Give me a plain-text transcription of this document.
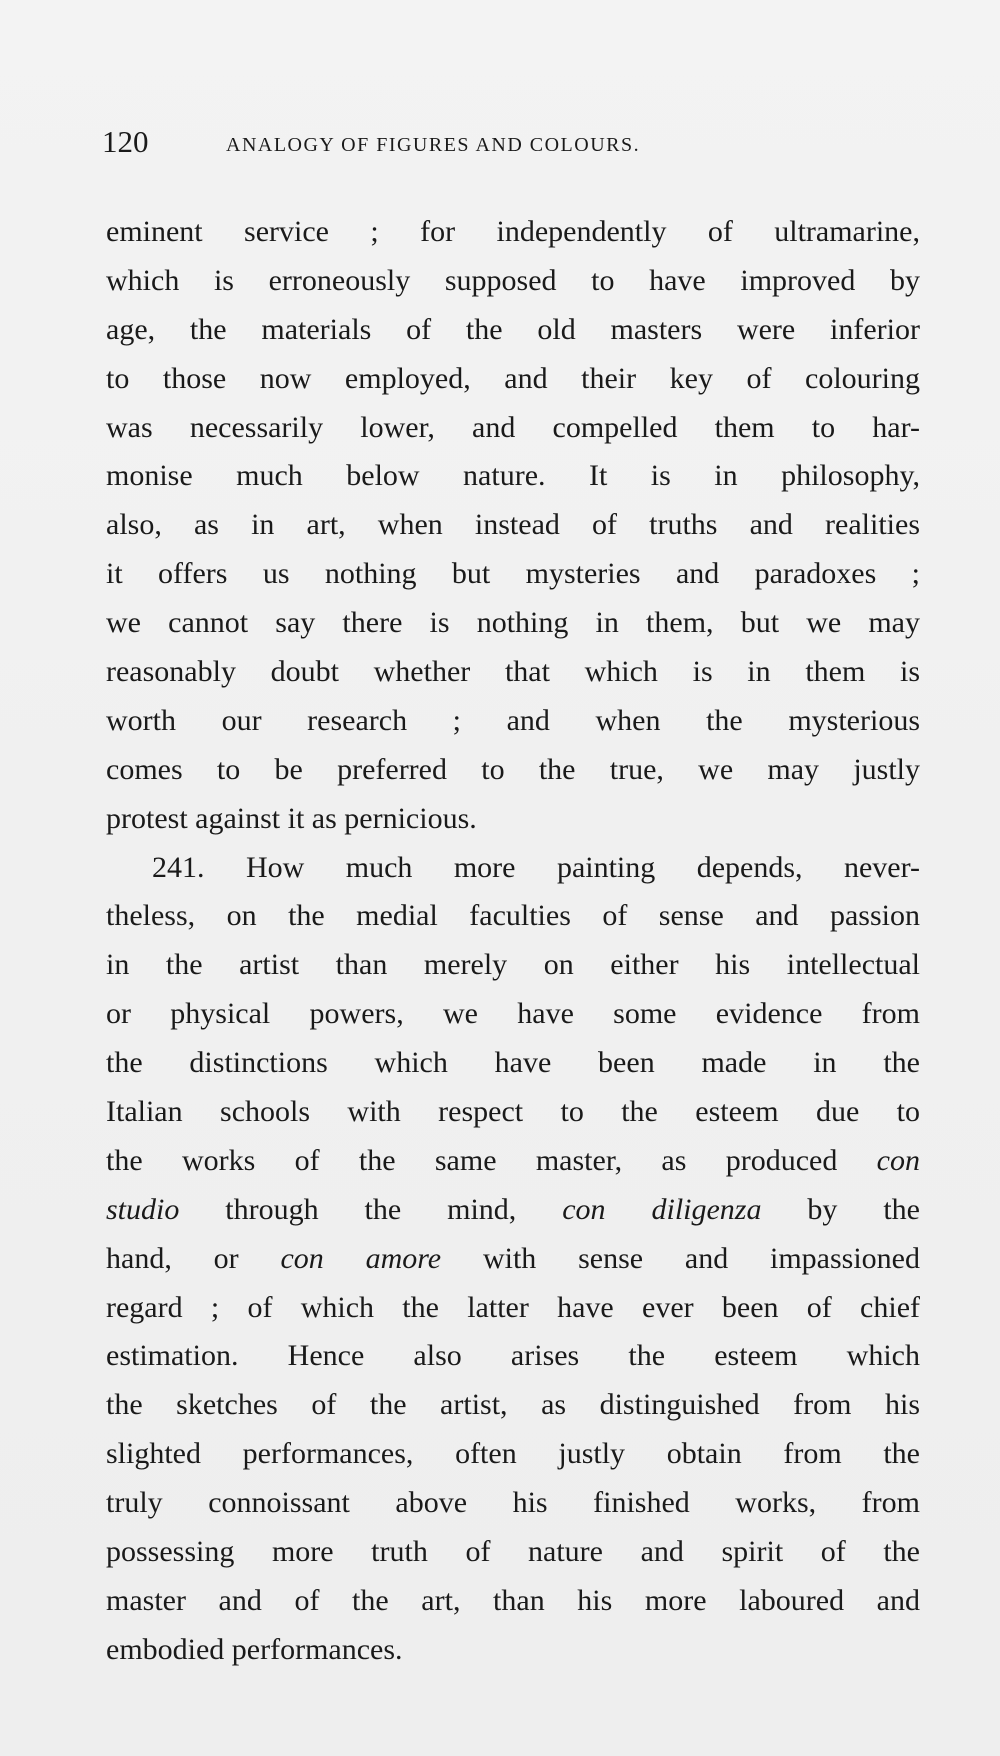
120	ANALOGY OF FIGURES AND COLOURS.
eminent service ; for independently of ultramarine,
which is erroneously supposed to have improved by
age, the materials of the old masters were inferior
to those now employed, and their key of colouring
was necessarily lower, and compelled them to har-
monise much below nature. It is in philosophy,
also, as in art, when instead of truths and realities
it offers us nothing but mysteries and paradoxes ;
we cannot say there is nothing in them, but we may
reasonably doubt whether that which is in them is
worth our research ; and when the mysterious
comes to be preferred to the true, we may justly
protest against it as pernicious.
241. How much more painting depends, never-
theless, on the medial faculties of sense and passion
in the artist than merely on either his intellectual
or physical powers, we have some evidence from
the distinctions which have been made in the
Italian schools with respect to the esteem due to
the works of the same master, as produced con
studio through the mind, con diligenza by the
hand, or con amore with sense and impassioned
regard ; of which the latter have ever been of chief
estimation. Hence also arises the esteem which
the sketches of the artist, as distinguished from his
slighted performances, often justly obtain from the
truly connoissant above his finished works, from
possessing more truth of nature and spirit of the
master and of the art, than his more laboured and
embodied performances.
